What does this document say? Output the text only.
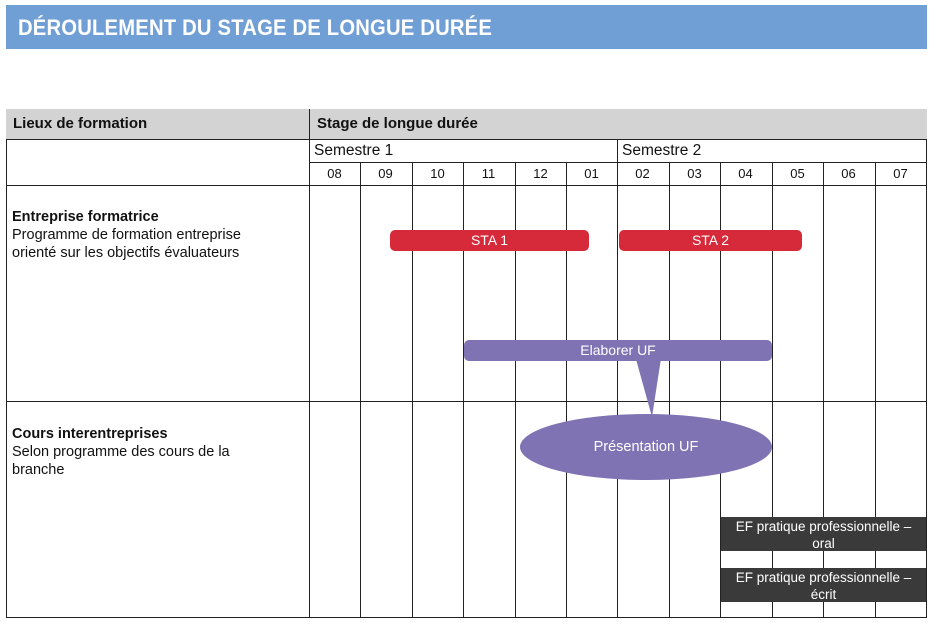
DÉROULEMENT DU STAGE DE LONGUE DURÉE
Lieux de formation	Stage de longue durée
Semestre 1	Semestre 2
08	09	10	11	12	01	02	03	04	05	06	07
Entreprise formatrice
Programme de formation entreprise
orienté sur les objectifs évaluateurs
Cours interentreprises
Selon programme des cours de la
branche
STA 1	STA 2
Elaborer UF
Présentation UF
EF pratique professionnelle –
oral
EF pratique professionnelle –
écrit
